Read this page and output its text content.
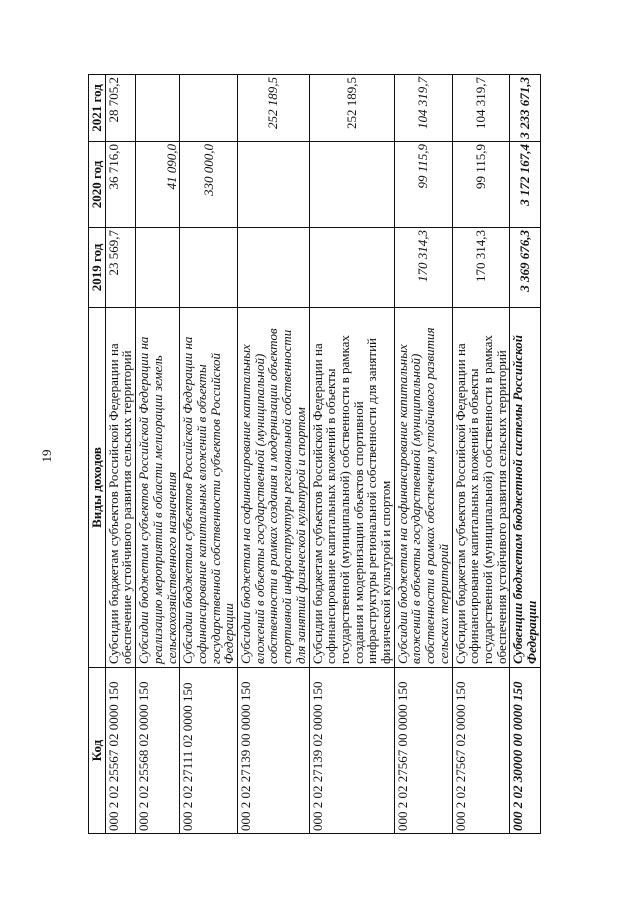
19
Код	Виды доходов	2019 год	2020 год	2021 год
000 2 02 25567 02 0000 150	Субсидии бюджетам субъектов Российской Федерации на обеспечение устойчивого развития сельских территорий	23 569,7	36 716,0	28 705,2
000 2 02 25568 02 0000 150	Субсидии бюджетам субъектов Российской Федерации на реализацию мероприятий в области мелиорации земель сельскохозяйственного назначения		41 090,0	
000 2 02 27111 02 0000 150	Субсидии бюджетам субъектов Российской Федерации на софинансирование капитальных вложений в объекты государственной собственности субъектов Российской Федерации		330 000,0	
000 2 02 27139 00 0000 150	Субсидии бюджетам на софинансирование капитальных вложений в объекты государственной (муниципальной) собственности в рамках создания и модернизации объектов спортивной инфраструктуры региональной собственности для занятий физической культурой и спортом			252 189,5
000 2 02 27139 02 0000 150	Субсидии бюджетам субъектов Российской Федерации на софинансирование капитальных вложений в объекты государственной (муниципальной) собственности в рамках создания и модернизации объектов спортивной инфраструктуры региональной собственности для занятий физической культурой и спортом			252 189,5
000 2 02 27567 00 0000 150	Субсидии бюджетам на софинансирование капитальных вложений в объекты государственной (муниципальной) собственности в рамках обеспечения устойчивого развития сельских территорий	170 314,3	99 115,9	104 319,7
000 2 02 27567 02 0000 150	Субсидии бюджетам субъектов Российской Федерации на софинансирование капитальных вложений в объекты государственной (муниципальной) собственности в рамках обеспечения устойчивого развития сельских территорий	170 314,3	99 115,9	104 319,7
000 2 02 30000 00 0000 150	Субвенции бюджетам бюджетной системы Российской Федерации	3 369 676,3	3 172 167,4	3 233 671,3
